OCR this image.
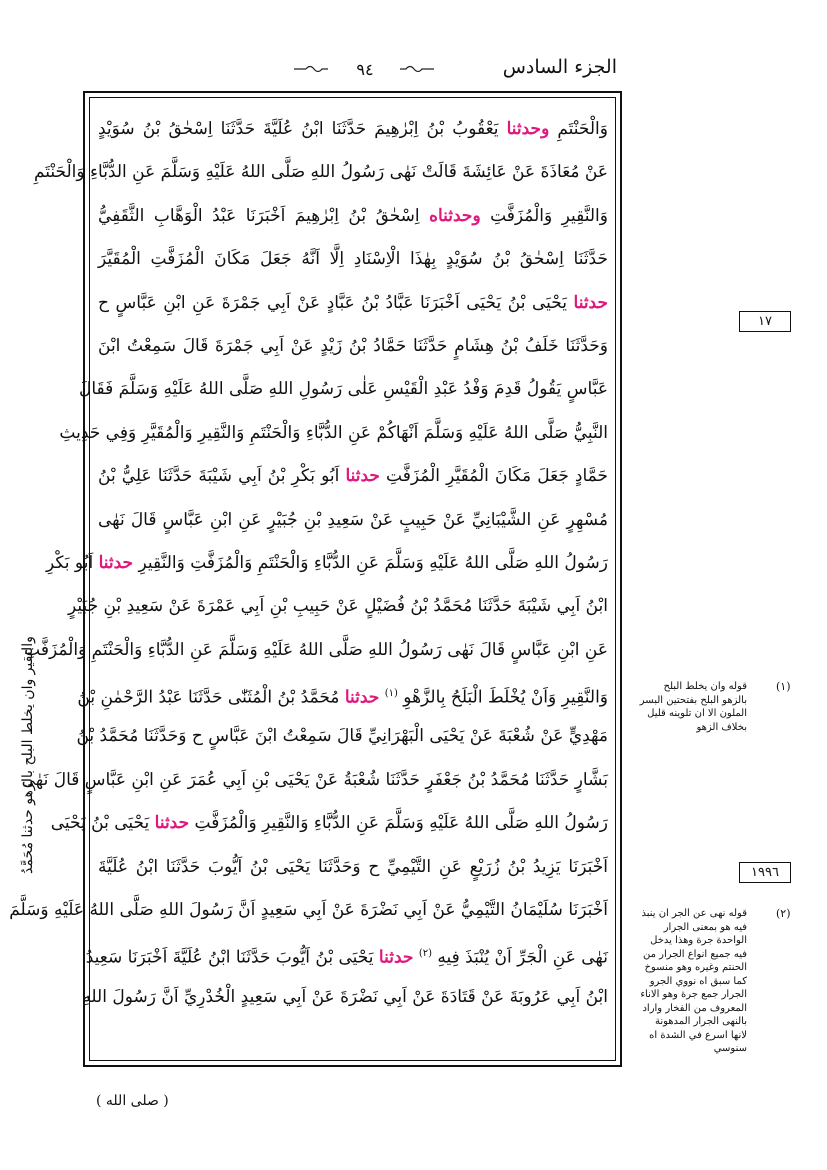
الجزء السادس
٩٤
وَالْحَنْتَمِ وحدثنا يَعْقُوبُ بْنُ اِبْرٰهِيمَ حَدَّثَنَا ابْنُ عُلَيَّةَ حَدَّثَنَا اِسْحٰقُ بْنُ سُوَيْدٍ
عَنْ مُعَاذَةَ عَنْ عَائِشَةَ قَالَتْ نَهٰى رَسُولُ اللهِ صَلَّى اللهُ عَلَيْهِ وَسَلَّمَ عَنِ الدُّبَّاءِ وَالْحَنْتَمِ
وَالنَّقِيرِ وَالْمُزَفَّتِ وحدثناه اِسْحٰقُ بْنُ اِبْرٰهِيمَ اَخْبَرَنَا عَبْدُ الْوَهَّابِ الثَّقَفِيُّ
حَدَّثَنَا اِسْحٰقُ بْنُ سُوَيْدٍ بِهٰذَا الْاِسْنَادِ اِلَّا اَنَّهُ جَعَلَ مَكَانَ الْمُزَفَّتِ الْمُقَيَّرَ
حدثنا يَحْيَى بْنُ يَحْيَى اَخْبَرَنَا عَبَّادُ بْنُ عَبَّادٍ عَنْ اَبِي جَمْرَةَ عَنِ ابْنِ عَبَّاسٍ ح
وَحَدَّثَنَا خَلَفُ بْنُ هِشَامٍ حَدَّثَنَا حَمَّادُ بْنُ زَيْدٍ عَنْ اَبِي جَمْرَةَ قَالَ سَمِعْتُ ابْنَ
عَبَّاسٍ يَقُولُ قَدِمَ وَفْدُ عَبْدِ الْقَيْسِ عَلٰى رَسُولِ اللهِ صَلَّى اللهُ عَلَيْهِ وَسَلَّمَ فَقَالَ
النَّبِيُّ صَلَّى اللهُ عَلَيْهِ وَسَلَّمَ اَنْهَاكُمْ عَنِ الدُّبَّاءِ وَالْحَنْتَمِ وَالنَّقِيرِ وَالْمُقَيَّرِ وَفِي حَدِيثِ
حَمَّادٍ جَعَلَ مَكَانَ الْمُقَيَّرِ الْمُزَفَّتِ حدثنا اَبُو بَكْرِ بْنُ اَبِي شَيْبَةَ حَدَّثَنَا عَلِيُّ بْنُ
مُسْهِرٍ عَنِ الشَّيْبَانِيِّ عَنْ حَبِيبٍ عَنْ سَعِيدِ بْنِ جُبَيْرٍ عَنِ ابْنِ عَبَّاسٍ قَالَ نَهٰى
رَسُولُ اللهِ صَلَّى اللهُ عَلَيْهِ وَسَلَّمَ عَنِ الدُّبَّاءِ وَالْحَنْتَمِ وَالْمُزَفَّتِ وَالنَّقِيرِ حدثنا اَبُو بَكْرِ
ابْنُ اَبِي شَيْبَةَ حَدَّثَنَا مُحَمَّدُ بْنُ فُضَيْلٍ عَنْ حَبِيبِ بْنِ اَبِي عَمْرَةَ عَنْ سَعِيدِ بْنِ جُبَيْرٍ
عَنِ ابْنِ عَبَّاسٍ قَالَ نَهٰى رَسُولُ اللهِ صَلَّى اللهُ عَلَيْهِ وَسَلَّمَ عَنِ الدُّبَّاءِ وَالْحَنْتَمِ وَالْمُزَفَّتِ
وَالنَّقِيرِ وَاَنْ يُخْلَطَ الْبَلَحُ بِالزَّهْوِ $^{(١)}$ حدثنا مُحَمَّدُ بْنُ الْمُثَنّٰى حَدَّثَنَا عَبْدُ الرَّحْمٰنِ بْنُ
مَهْدِيٍّ عَنْ شُعْبَةَ عَنْ يَحْيَى الْبَهْرَانِيِّ قَالَ سَمِعْتُ ابْنَ عَبَّاسٍ ح وَحَدَّثَنَا مُحَمَّدُ بْنُ
بَشَّارٍ حَدَّثَنَا مُحَمَّدُ بْنُ جَعْفَرٍ حَدَّثَنَا شُعْبَةُ عَنْ يَحْيَى بْنِ اَبِي عُمَرَ عَنِ ابْنِ عَبَّاسٍ قَالَ نَهٰى
رَسُولُ اللهِ صَلَّى اللهُ عَلَيْهِ وَسَلَّمَ عَنِ الدُّبَّاءِ وَالنَّقِيرِ وَالْمُزَفَّتِ حدثنا يَحْيَى بْنُ يَحْيَى
اَخْبَرَنَا يَزِيدُ بْنُ زُرَيْعٍ عَنِ التَّيْمِيِّ ح وَحَدَّثَنَا يَحْيَى بْنُ اَيُّوبَ حَدَّثَنَا ابْنُ عُلَيَّةَ
اَخْبَرَنَا سُلَيْمَانُ التَّيْمِيُّ عَنْ اَبِي نَضْرَةَ عَنْ اَبِي سَعِيدٍ اَنَّ رَسُولَ اللهِ صَلَّى اللهُ عَلَيْهِ وَسَلَّمَ
نَهٰى عَنِ الْجَرِّ اَنْ يُنْبَذَ فِيهِ $^{(٢)}$ حدثنا يَحْيَى بْنُ اَيُّوبَ حَدَّثَنَا ابْنُ عُلَيَّةَ اَخْبَرَنَا سَعِيدُ
ابْنُ اَبِي عَرُوبَةَ عَنْ قَتَادَةَ عَنْ اَبِي نَضْرَةَ عَنْ اَبِي سَعِيدٍ الْخُدْرِيِّ اَنَّ رَسُولَ اللهِ
١٧
١٩٩٦
والنقير وان يخلط البلح بالزهو حدثنا مُحَمَّدُ	(١)
قوله وان يخلط البلح بالزهو البلح بفتحتين البسر الملون الا ان تلوينه قليل بخلاف الزهو
(٢)
قوله نهى عن الجر ان ينبذ فيه هو بمعنى الجرار الواحدة جرة وهذا يدخل فيه جميع انواع الجرار من الحنتم وغيره وهو منسوخ كما سبق اه نووي الجرو الجرار جمع جرة وهو الاناء المعروف من الفخار واراد بالنهى الجرار المدهونة لانها اسرع في الشدة اه سنوسي
( صلى الله )
